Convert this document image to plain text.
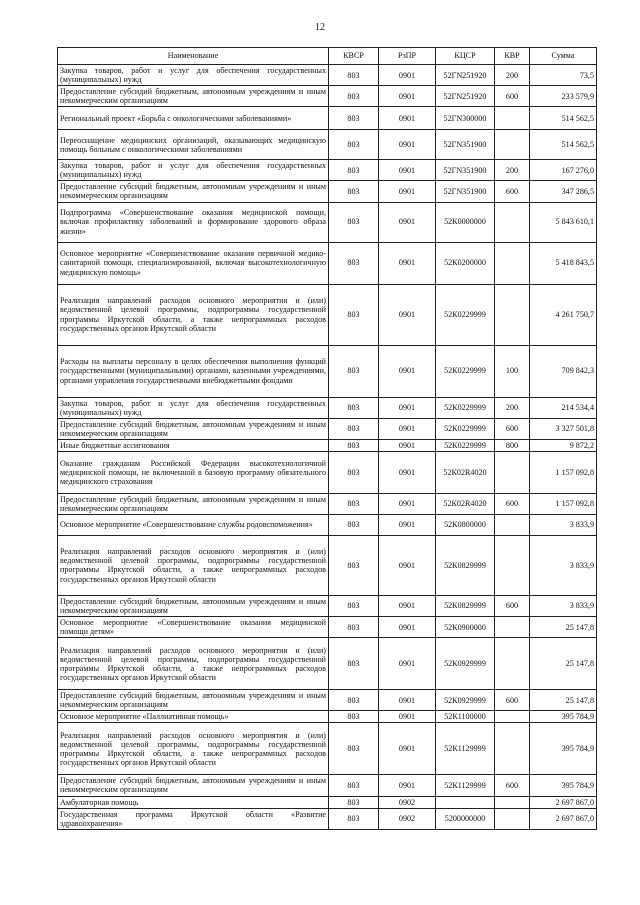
12
Наименование	КВСР	РзПР	КЦСР	КВР	Сумма
Закупка товаров, работ и услуг для обеспечения государственных (муниципальных) нужд	803	0901	52ГN251920	200	73,5
Предоставление субсидий бюджетным, автономным учреждениям и иным некоммерческим организациям	803	0901	52ГN251920	600	233 579,9
Региональный проект «Борьба с онкологическими заболеваниями»	803	0901	52ГN300000		514 562,5
Переоснащение медицинских организаций, оказывающих медицинскую помощь больным с онкологическими заболеваниями	803	0901	52ГN351900		514 562,5
Закупка товаров, работ и услуг для обеспечения государственных (муниципальных) нужд	803	0901	52ГN351900	200	167 276,0
Предоставление субсидий бюджетным, автономным учреждениям и иным некоммерческим организациям	803	0901	52ГN351900	600	347 286,5
Подпрограмма «Совершенствование оказания медицинской помощи, включая профилактику заболеваний и формирование здорового образа жизни»	803	0901	52К0000000		5 843 610,1
Основное мероприятие «Совершенствование оказания первичной медико-санитарной помощи, специализированной, включая высокотехнологичную медицинскую помощь»	803	0901	52К0200000		5 418 843,5
Реализация направлений расходов основного мероприятия и (или) ведомственной целевой программы, подпрограммы государственной программы Иркутской области, а также непрограммных расходов государственных органов Иркутской области	803	0901	52К0229999		4 261 750,7
Расходы на выплаты персоналу в целях обеспечения выполнения функций государственными (муниципальными) органами, казенными учреждениями, органами управления государственными внебюджетными фондами	803	0901	52К0229999	100	709 842,3
Закупка товаров, работ и услуг для обеспечения государственных (муниципальных) нужд	803	0901	52К0229999	200	214 534,4
Предоставление субсидий бюджетным, автономным учреждениям и иным некоммерческим организациям	803	0901	52К0229999	600	3 327 501,8
Иные бюджетные ассигнования	803	0901	52К0229999	800	9 872,2
Оказание гражданам Российской Федерации высокотехнологичной медицинской помощи, не включенной в базовую программу обязательного медицинского страхования	803	0901	52К02R4020		1 157 092,8
Предоставление субсидий бюджетным, автономным учреждениям и иным некоммерческим организациям	803	0901	52К02R4020	600	1 157 092,8
Основное мероприятие «Совершенствование службы родовспоможения»	803	0901	52К0800000		3 833,9
Реализация направлений расходов основного мероприятия и (или) ведомственной целевой программы, подпрограммы государственной программы Иркутской области, а также непрограммных расходов государственных органов Иркутской области	803	0901	52К0829999		3 833,9
Предоставление субсидий бюджетным, автономным учреждениям и иным некоммерческим организациям	803	0901	52К0829999	600	3 833,9
Основное мероприятие «Совершенствование оказания медицинской помощи детям»	803	0901	52К0900000		25 147,8
Реализация направлений расходов основного мероприятия и (или) ведомственной целевой программы, подпрограммы государственной программы Иркутской области, а также непрограммных расходов государственных органов Иркутской области	803	0901	52К0929999		25 147,8
Предоставление субсидий бюджетным, автономным учреждениям и иным некоммерческим организациям	803	0901	52К0929999	600	25 147,8
Основное мероприятие «Паллиативная помощь»	803	0901	52К1100000		395 784,9
Реализация направлений расходов основного мероприятия и (или) ведомственной целевой программы, подпрограммы государственной программы Иркутской области, а также непрограммных расходов государственных органов Иркутской области	803	0901	52К1129999		395 784,9
Предоставление субсидий бюджетным, автономным учреждениям и иным некоммерческим организациям	803	0901	52К1129999	600	395 784,9
Амбулаторная помощь	803	0902			2 697 867,0
Государственная программа Иркутской области «Развитие здравоохранения»	803	0902	5200000000		2 697 867,0
